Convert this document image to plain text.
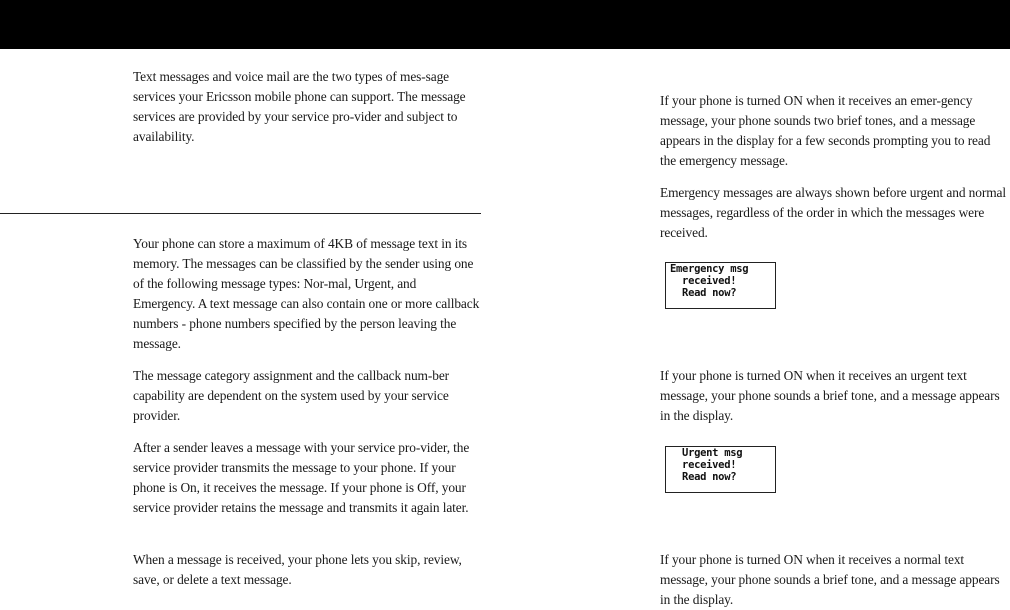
Text messages and voice mail are the two types of mes-sage services your Ericsson mobile phone can support. The message services are provided by your service pro-vider and subject to availability.

Your phone can store a maximum of 4KB of message text in its memory. The messages can be classified by the sender using one of the following message types: Nor-mal, Urgent, and Emergency. A text message can also contain one or more callback numbers - phone numbers specified by the person leaving the message.

The message category assignment and the callback num-ber capability are dependent on the system used by your service provider.

After a sender leaves a message with your service pro-vider, the service provider transmits the message to your phone. If your phone is On, it receives the message. If your phone is Off, your service provider retains the message and transmits it again later.

When a message is received, your phone lets you skip, review, save, or delete a text message.

If your phone is turned ON when it receives an emer-gency message, your phone sounds two brief tones, and a message appears in the display for a few seconds prompting you to read the emergency message.

Emergency messages are always shown before urgent and normal messages, regardless of the order in which the messages were received.

Emergency msg
received!
Read now?

If your phone is turned ON when it receives an urgent text message, your phone sounds a brief tone, and a message appears in the display.

Urgent msg
received!
Read now?

If your phone is turned ON when it receives a normal text message, your phone sounds a brief tone, and a message appears in the display.
